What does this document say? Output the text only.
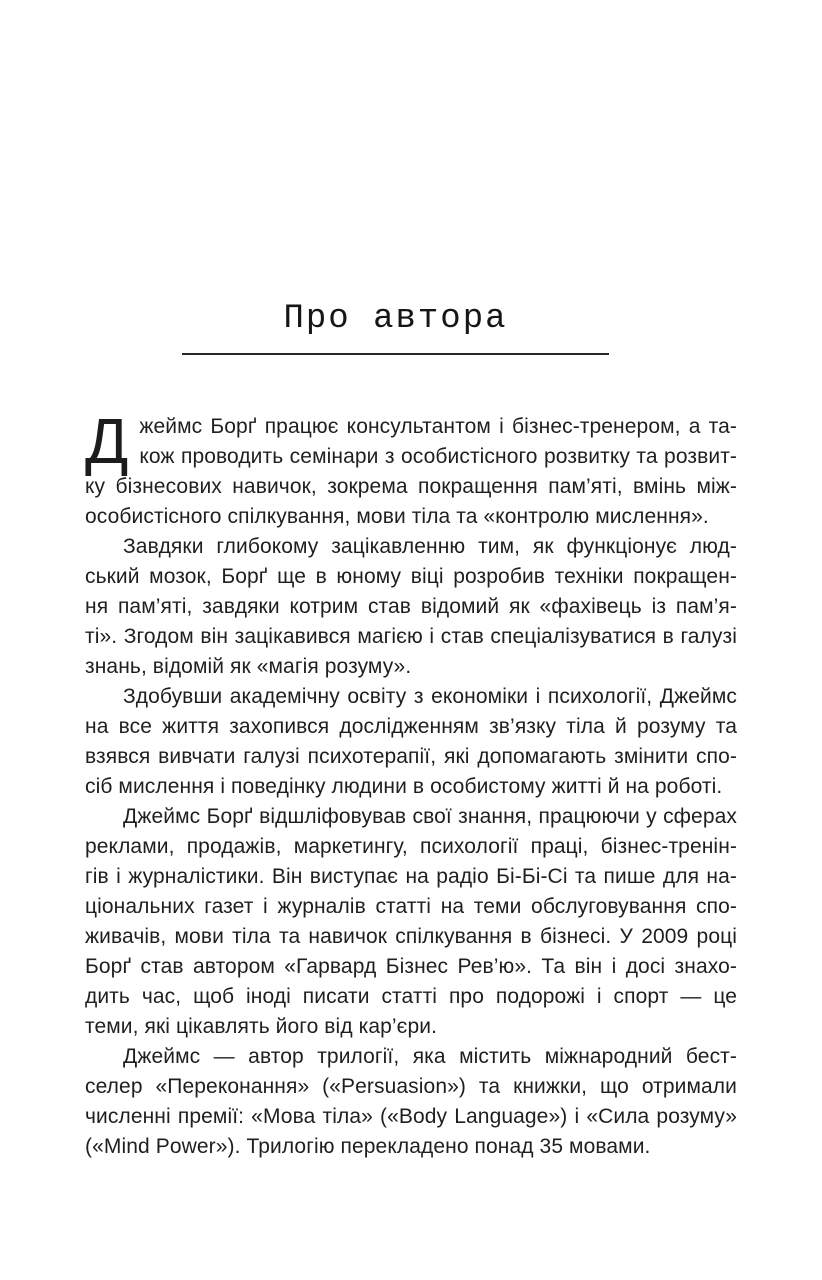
Про автора
Д жеймс Борґ працює консультантом і бізнес-тренером, а та-
кож проводить семінари з особистісного розвитку та розвит-
ку бізнесових навичок, зокрема покращення пам’яті, вмінь між-
особистісного спілкування, мови тіла та «контролю мислення».
Завдяки глибокому зацікавленню тим, як функціонує люд-
ський мозок, Борґ ще в юному віці розробив техніки покращен-
ня пам’яті, завдяки котрим став відомий як «фахівець із пам’я-
ті». Згодом він зацікавився магією і став спеціалізуватися в галузі
знань, відомій як «магія розуму».
Здобувши академічну освіту з економіки і психології, Джеймс
на все життя захопився дослідженням зв’язку тіла й розуму та
взявся вивчати галузі психотерапії, які допомагають змінити спо-
сіб мислення і поведінку людини в особистому житті й на роботі.
Джеймс Борґ відшліфовував свої знання, працюючи у сферах
реклами, продажів, маркетингу, психології праці, бізнес-тренін-
гів і журналістики. Він виступає на радіо Бі-Бі-Сі та пише для на-
ціональних газет і журналів статті на теми обслуговування спо-
живачів, мови тіла та навичок спілкування в бізнесі. У 2009 році
Борґ став автором «Гарвард Бізнес Рев’ю». Та він і досі знахо-
дить час, щоб іноді писати статті про подорожі і спорт — це
теми, які цікавлять його від кар’єри.
Джеймс — автор трилогії, яка містить міжнародний бест-
селер «Переконання» («Persuasion») та книжки, що отримали
численні премії: «Мова тіла» («Body Language») і «Сила розуму»
(«Mind Power»). Трилогію перекладено понад 35 мовами.
